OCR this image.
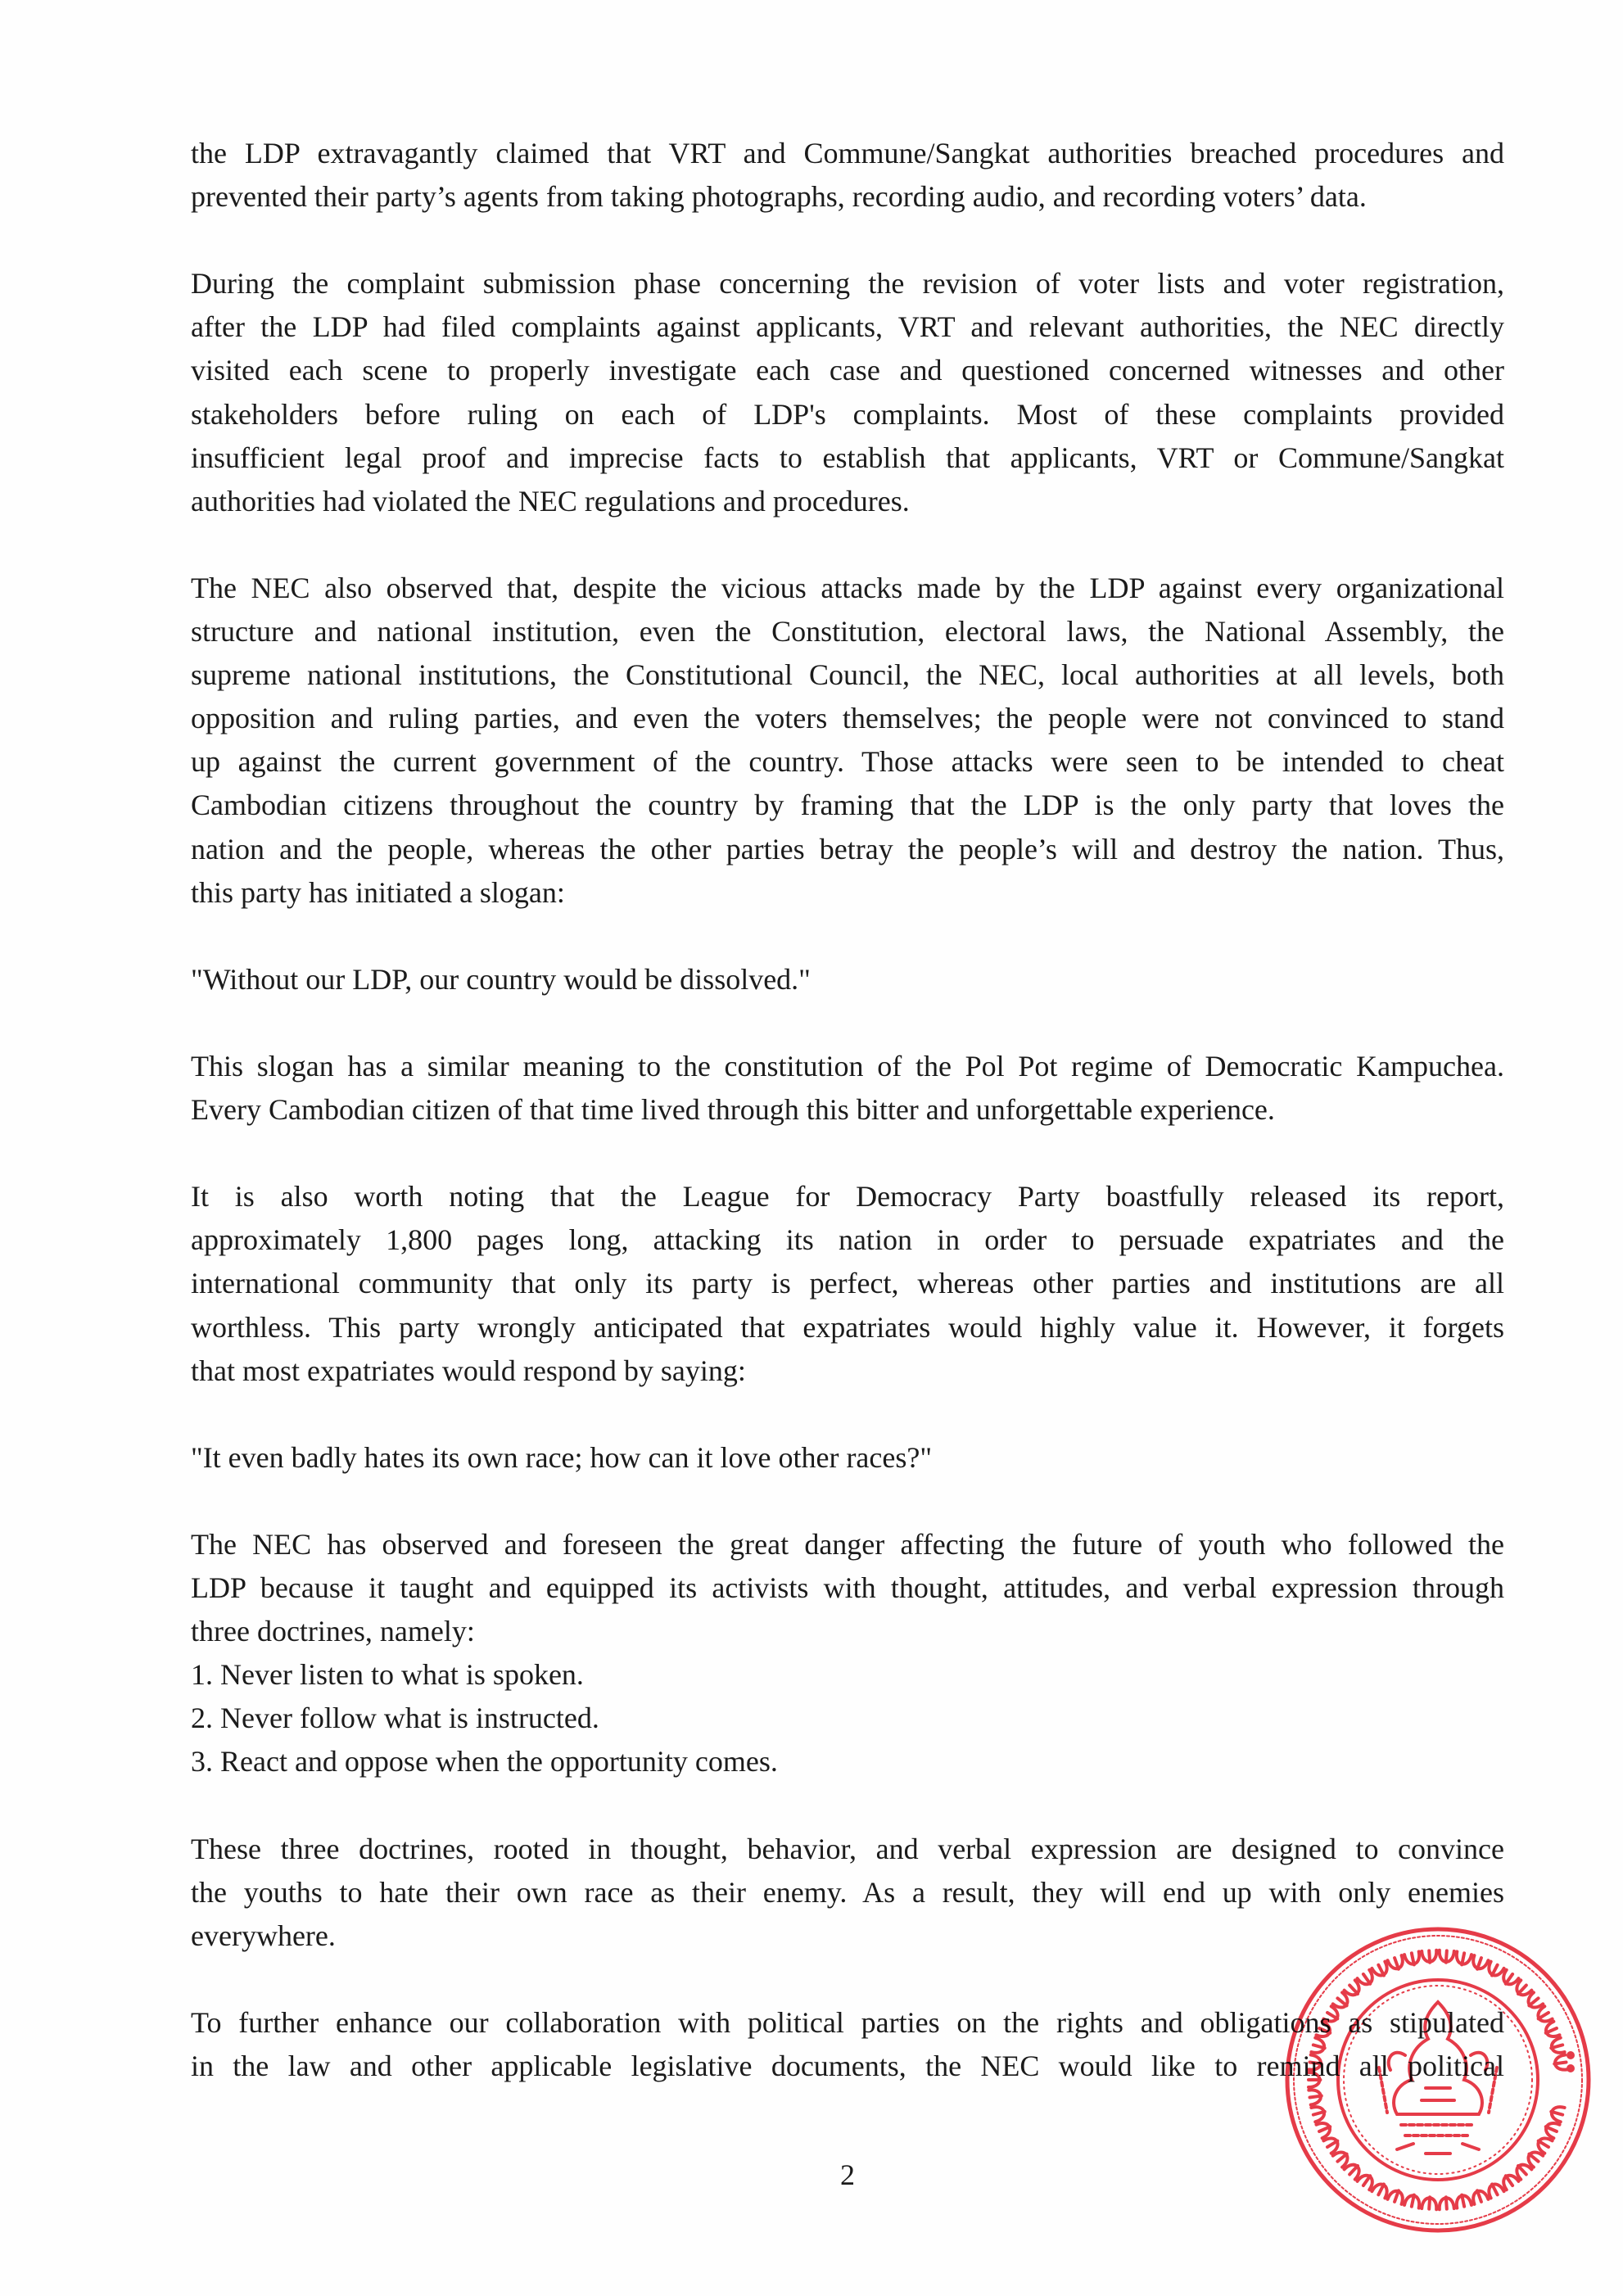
the LDP extravagantly claimed that VRT and Commune/Sangkat authorities breached procedures and
prevented their party’s agents from taking photographs, recording audio, and recording voters’ data.
During the complaint submission phase concerning the revision of voter lists and voter registration,
after the LDP had filed complaints against applicants, VRT and relevant authorities, the NEC directly
visited each scene to properly investigate each case and questioned concerned witnesses and other
stakeholders before ruling on each of LDP's complaints. Most of these complaints provided
insufficient legal proof and imprecise facts to establish that applicants, VRT or Commune/Sangkat
authorities had violated the NEC regulations and procedures.
The NEC also observed that, despite the vicious attacks made by the LDP against every organizational
structure and national institution, even the Constitution, electoral laws, the National Assembly, the
supreme national institutions, the Constitutional Council, the NEC, local authorities at all levels, both
opposition and ruling parties, and even the voters themselves; the people were not convinced to stand
up against the current government of the country. Those attacks were seen to be intended to cheat
Cambodian citizens throughout the country by framing that the LDP is the only party that loves the
nation and the people, whereas the other parties betray the people’s will and destroy the nation. Thus,
this party has initiated a slogan:
"Without our LDP, our country would be dissolved."
This slogan has a similar meaning to the constitution of the Pol Pot regime of Democratic Kampuchea.
Every Cambodian citizen of that time lived through this bitter and unforgettable experience.
It is also worth noting that the League for Democracy Party boastfully released its report,
approximately 1,800 pages long, attacking its nation in order to persuade expatriates and the
international community that only its party is perfect, whereas other parties and institutions are all
worthless. This party wrongly anticipated that expatriates would highly value it. However, it forgets
that most expatriates would respond by saying:
"It even badly hates its own race; how can it love other races?"
The NEC has observed and foreseen the great danger affecting the future of youth who followed the
LDP because it taught and equipped its activists with thought, attitudes, and verbal expression through
three doctrines, namely:
1. Never listen to what is spoken.
2. Never follow what is instructed.
3. React and oppose when the opportunity comes.
These three doctrines, rooted in thought, behavior, and verbal expression are designed to convince
the youths to hate their own race as their enemy. As a result, they will end up with only enemies
everywhere.
To further enhance our collaboration with political parties on the rights and obligations as stipulated
in the law and other applicable legislative documents, the NEC would like to remind all political
2
